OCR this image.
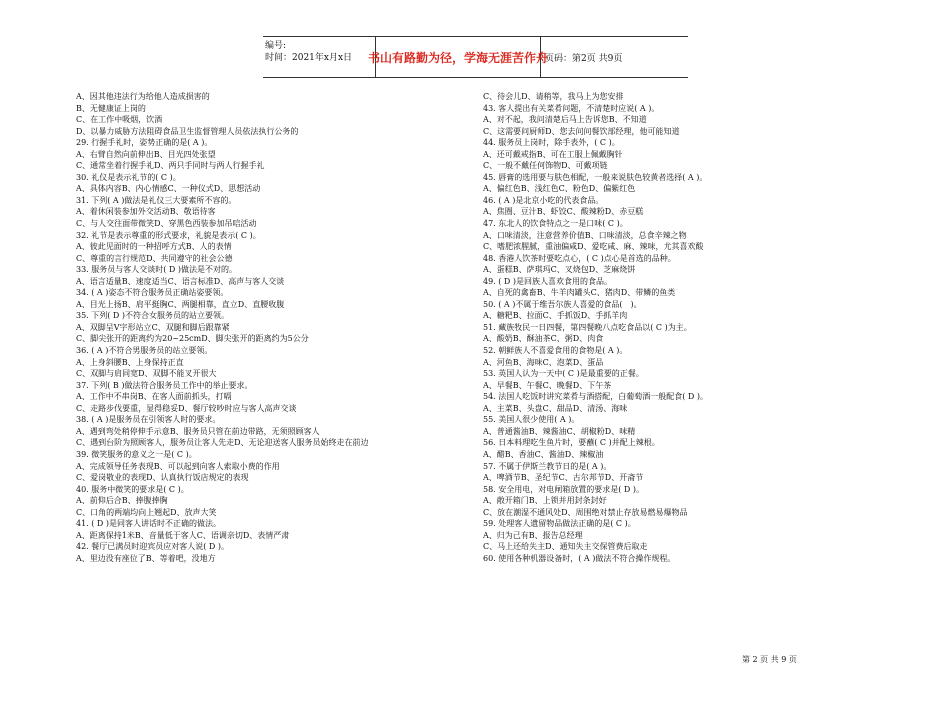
编号:
时间：2021年x月x日	书山有路勤为径，学海无涯苦作舟
页码：第2页 共9页
A、因其他违法行为给他人造成损害的
B、无健康证上岗的
C、在工作中吸烟，饮酒
D、以暴力威胁方法阻碍食品卫生监督管理人员依法执行公务的
29. 行握手礼时，姿势正确的是( A )。
A、右臂自然向前伸出B、目光四处张望
C、通常坐着行握手礼D、两只手同时与两人行握手礼
30. 礼仪是表示礼节的( C )。
A、具体内容B、内心情感C、一种仪式D、思想活动
31. 下列( A )做法是礼仪三大要素所不容的。
A、着休闲装参加外交活动B、敬语待客
C、与人交往面带微笑D、穿黑色西装参加吊唁活动
32. 礼节是表示尊重的形式要求，礼貌是表示( C )。
A、彼此见面时的一种招呼方式B、人的表情
C、尊重的言行规范D、共同遵守的社会公德
33. 服务员与客人交谈时( D )做法是不对的。
A、语言适量B、速度适当C、语言标准D、高声与客人交谈
34. ( A )姿态不符合服务员正确站姿要领。
A、目光上扬B、肩平挺胸C、两腿相靠，直立D、直腰收腹
35. 下列( D )不符合女服务员的站立要领。
A、双脚呈V字形站立C、双腿和脚后跟靠紧
C、脚尖张开的距离约为20~25cmD、脚尖张开的距离约为5公分
36. ( A )不符合男服务员的站立要领。
A、上身斜腰B、上身保持正直
C、双脚与肩同宽D、双脚不能叉开很大
37. 下列( B )做法符合服务员工作中的举止要求。
A、工作中不串岗B、在客人面前抓头，打嗝
C、走路步伐要重，显得稳妥D、餐厅较吵时应与客人高声交谈
38. ( A )是服务员在引领客人时的要求。
A、遇到弯处稍停伸手示意B、服务员只管在前边带路，无须照顾客人
C、遇到台阶为照顾客人，服务员让客人先走D、无论迎送客人服务员始终走在前边
39. 微笑服务的意义之一是( C )。
A、完成领导任务表现B、可以起到向客人索取小费的作用
C、爱岗敬业的表现D、认真执行饭店规定的表现
40. 服务中微笑的要求是( C )。
A、前仰后合B、捧腹捧胸
C、口角的两端均向上翘起D、放声大笑
41. ( D )是同客人讲话时不正确的做法。
A、距离保持1米B、音量低于客人C、语调亲切D、表情严肃
42. 餐厅已满员时迎宾员应对客人说( D )。
A、里边没有座位了B、等着吧，没地方
C、待会儿D、请稍等，我马上为您安排
43. 客人提出有关菜肴问题，不清楚时应说( A )。
A、对不起，我问清楚后马上告诉您B、不知道
C、这需要问厨师D、您去问问餐饮部经理，他可能知道
44. 服务员上岗时，除手表外，( C )。
A、还可戴戒指B、可在工服上佩戴胸针
C、一般不戴任何饰物D、可戴项链
45. 唇膏的选用要与肤色相配，一般来说肤色较黄者选择( A )。
A、偏红色B、浅红色C、粉色D、偏紫红色
46. ( A )是北京小吃的代表食品。
A、焦圈、豆汁B、虾饺C、酸辣粉D、赤豆糕
47. 东北人的饮食特点之一是口味( C )。
A、口味清淡，注意营养价值B、口味清淡，总食辛辣之物
C、嗜肥浓腥腻，重油偏咸D、爱吃咸、麻、辣味，尤其喜欢酸
48. 香港人饮茶时要吃点心，( C )点心是首选的品种。
A、蛋糕B、萨琪玛C、叉烧包D、芝麻烧饼
49. ( D )是回族人喜欢食用的食品。
A、自死的禽畜B、牛羊肉罐头C、猪肉D、带鳞的鱼类
50. ( A )不属于维吾尔族人喜爱的食品(　)。
A、糖粑B、拉面C、手抓饭D、手抓羊肉
51. 藏族牧民一日四餐，第四餐晚八点吃食品以( C )为主。
A、酸奶B、酥油茶C、粥D、肉食
52. 朝鲜族人不喜爱食用的食物是( A )。
A、河鱼B、海味C、泡菜D、蛋品
53. 英国人认为一天中( C )是最重要的正餐。
A、早餐B、午餐C、晚餐D、下午茶
54. 法国人吃饭时讲究菜肴与酒搭配，白葡萄酒一般配食( D )。
A、主菜B、头盘C、甜品D、清汤、海味
55. 美国人很少使用( A )。
A、普通酱油B、辣酱油C、胡椒粉D、味精
56. 日本料理吃生鱼片时，要蘸( C )并配上辣根。
A、醋B、香油C、酱油D、辣椒油
57. 不属于伊斯兰教节日的是( A )。
A、啤酒节B、圣纪节C、古尔邦节D、开斋节
58. 安全用电，对电闸箱放置的要求是( D )。
A、敞开箱门B、上锁并用封条封好
C、放在潮湿不通风处D、周围绝对禁止存放易燃易爆物品
59. 处理客人遗留物品做法正确的是( C )。
A、归为己有B、报告总经理
C、马上还给失主D、通知失主交保管费后取走
60. 使用各种机器设备时，( A )做法不符合操作规程。
第 2 页 共 9 页
